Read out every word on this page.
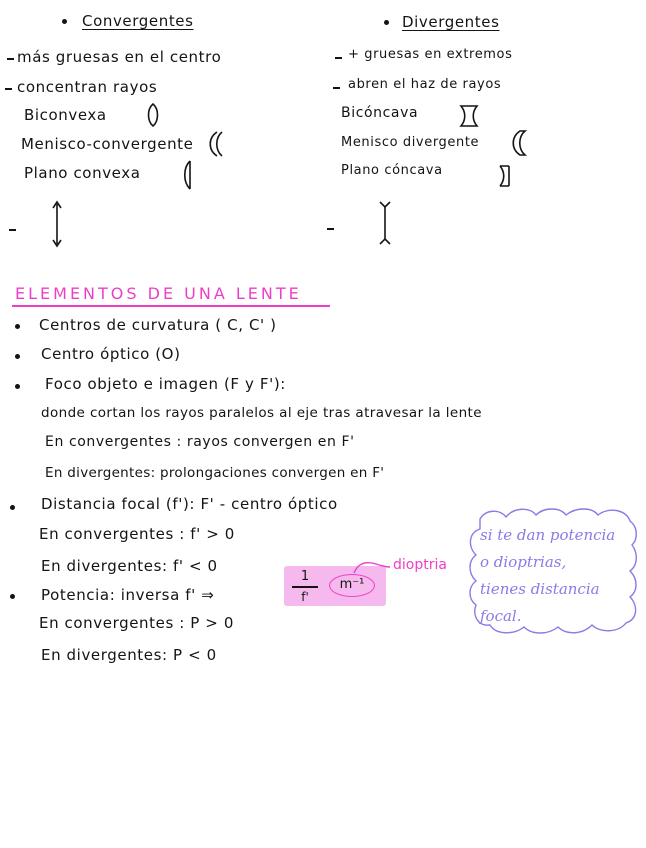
Convergentes
más gruesas en el centro
concentran rayos
Biconvexa
Menisco-convergente
Plano convexa
Divergentes
+ gruesas en extremos
abren el haz de rayos
Bicóncava
Menisco divergente
Plano cóncava
ELEMENTOS DE UNA LENTE
Centros de curvatura ( C, C' )
Centro óptico (O)
Foco objeto e imagen (F y F'):
donde cortan los rayos paralelos al eje tras atravesar la lente
En convergentes : rayos convergen en F'
En divergentes: prolongaciones convergen en F'
Distancia focal (f'): F' - centro óptico
En convergentes : f' > 0
En divergentes: f' < 0
Potencia: inversa f' ⇒
1
f'
m⁻¹
dioptria
En convergentes : P > 0
En divergentes: P < 0
si te dan potencia
o dioptrias,
tienes distancia
focal.
